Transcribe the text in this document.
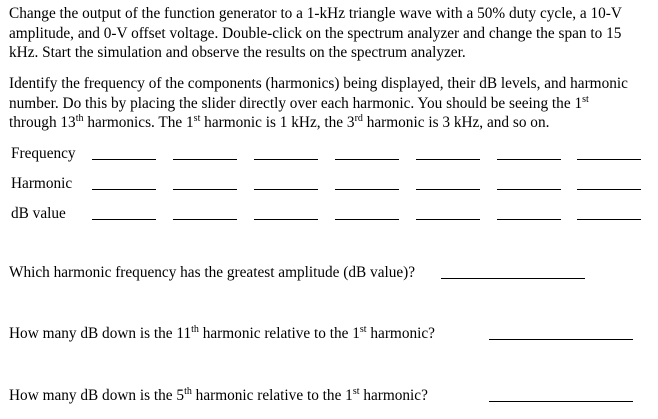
Change the output of the function generator to a 1-kHz triangle wave with a 50% duty cycle, a 10-V amplitude, and 0-V offset voltage. Double-click on the spectrum analyzer and change the span to 15 kHz. Start the simulation and observe the results on the spectrum analyzer.

Identify the frequency of the components (harmonics) being displayed, their dB levels, and harmonic number. Do this by placing the slider directly over each harmonic. You should be seeing the 1st through 13th harmonics. The 1st harmonic is 1 kHz, the 3rd harmonic is 3 kHz, and so on.

Frequency
Harmonic
dB value
Which harmonic frequency has the greatest amplitude (dB value)?
How many dB down is the 11th harmonic relative to the 1st harmonic?
How many dB down is the 5th harmonic relative to the 1st harmonic?
